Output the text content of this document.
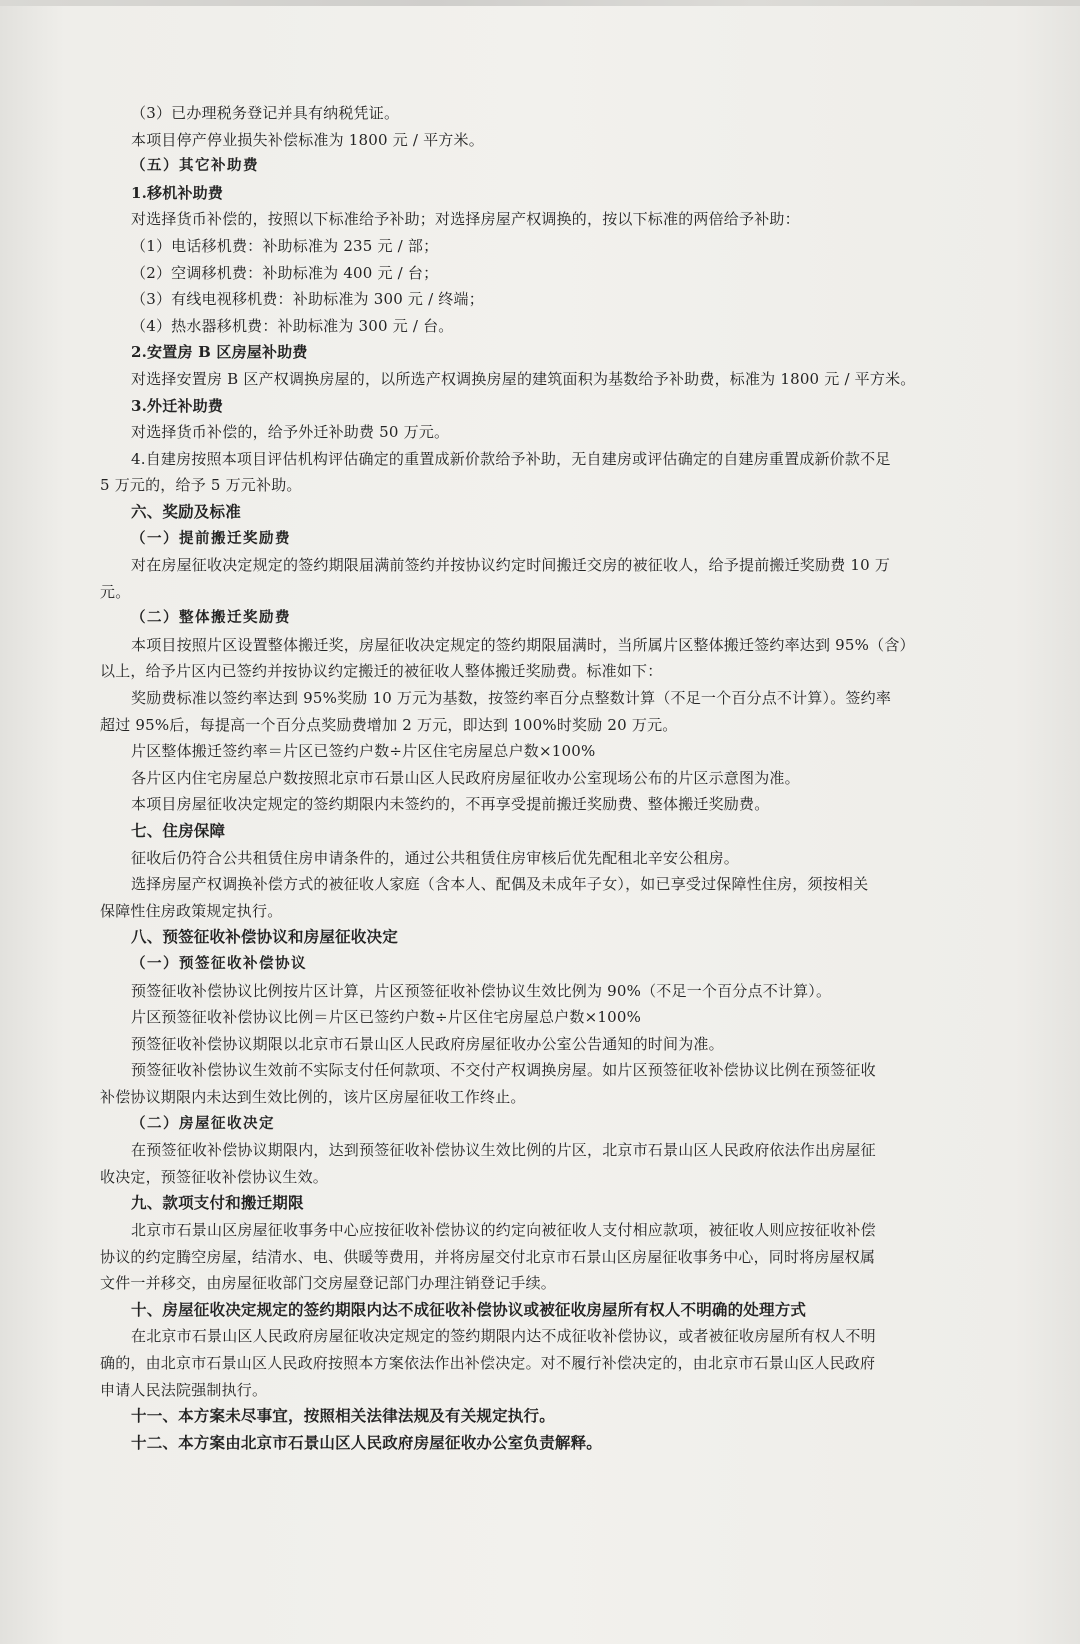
（3）已办理税务登记并具有纳税凭证。
本项目停产停业损失补偿标准为 1800 元 / 平方米。
（五）其它补助费
1.移机补助费
对选择货币补偿的，按照以下标准给予补助；对选择房屋产权调换的，按以下标准的两倍给予补助：
（1）电话移机费：补助标准为 235 元 / 部；
（2）空调移机费：补助标准为 400 元 / 台；
（3）有线电视移机费：补助标准为 300 元 / 终端；
（4）热水器移机费：补助标准为 300 元 / 台。
2.安置房 B 区房屋补助费
对选择安置房 B 区产权调换房屋的，以所选产权调换房屋的建筑面积为基数给予补助费，标准为 1800 元 / 平方米。
3.外迁补助费
对选择货币补偿的，给予外迁补助费 50 万元。
4.自建房按照本项目评估机构评估确定的重置成新价款给予补助，无自建房或评估确定的自建房重置成新价款不足
5 万元的，给予 5 万元补助。
六、奖励及标准
（一）提前搬迁奖励费
对在房屋征收决定规定的签约期限届满前签约并按协议约定时间搬迁交房的被征收人，给予提前搬迁奖励费 10 万
元。
（二）整体搬迁奖励费
本项目按照片区设置整体搬迁奖，房屋征收决定规定的签约期限届满时，当所属片区整体搬迁签约率达到 95%（含）
以上，给予片区内已签约并按协议约定搬迁的被征收人整体搬迁奖励费。标准如下：
奖励费标准以签约率达到 95%奖励 10 万元为基数，按签约率百分点整数计算（不足一个百分点不计算）。签约率
超过 95%后，每提高一个百分点奖励费增加 2 万元，即达到 100%时奖励 20 万元。
片区整体搬迁签约率＝片区已签约户数÷片区住宅房屋总户数×100%
各片区内住宅房屋总户数按照北京市石景山区人民政府房屋征收办公室现场公布的片区示意图为准。
本项目房屋征收决定规定的签约期限内未签约的，不再享受提前搬迁奖励费、整体搬迁奖励费。
七、住房保障
征收后仍符合公共租赁住房申请条件的，通过公共租赁住房审核后优先配租北辛安公租房。
选择房屋产权调换补偿方式的被征收人家庭（含本人、配偶及未成年子女），如已享受过保障性住房，须按相关
保障性住房政策规定执行。
八、预签征收补偿协议和房屋征收决定
（一）预签征收补偿协议
预签征收补偿协议比例按片区计算，片区预签征收补偿协议生效比例为 90%（不足一个百分点不计算）。
片区预签征收补偿协议比例＝片区已签约户数÷片区住宅房屋总户数×100%
预签征收补偿协议期限以北京市石景山区人民政府房屋征收办公室公告通知的时间为准。
预签征收补偿协议生效前不实际支付任何款项、不交付产权调换房屋。如片区预签征收补偿协议比例在预签征收
补偿协议期限内未达到生效比例的，该片区房屋征收工作终止。
（二）房屋征收决定
在预签征收补偿协议期限内，达到预签征收补偿协议生效比例的片区，北京市石景山区人民政府依法作出房屋征
收决定，预签征收补偿协议生效。
九、款项支付和搬迁期限
北京市石景山区房屋征收事务中心应按征收补偿协议的约定向被征收人支付相应款项，被征收人则应按征收补偿
协议的约定腾空房屋，结清水、电、供暖等费用，并将房屋交付北京市石景山区房屋征收事务中心，同时将房屋权属
文件一并移交，由房屋征收部门交房屋登记部门办理注销登记手续。
十、房屋征收决定规定的签约期限内达不成征收补偿协议或被征收房屋所有权人不明确的处理方式
在北京市石景山区人民政府房屋征收决定规定的签约期限内达不成征收补偿协议，或者被征收房屋所有权人不明
确的，由北京市石景山区人民政府按照本方案依法作出补偿决定。对不履行补偿决定的，由北京市石景山区人民政府
申请人民法院强制执行。
十一、本方案未尽事宜，按照相关法律法规及有关规定执行。
十二、本方案由北京市石景山区人民政府房屋征收办公室负责解释。
